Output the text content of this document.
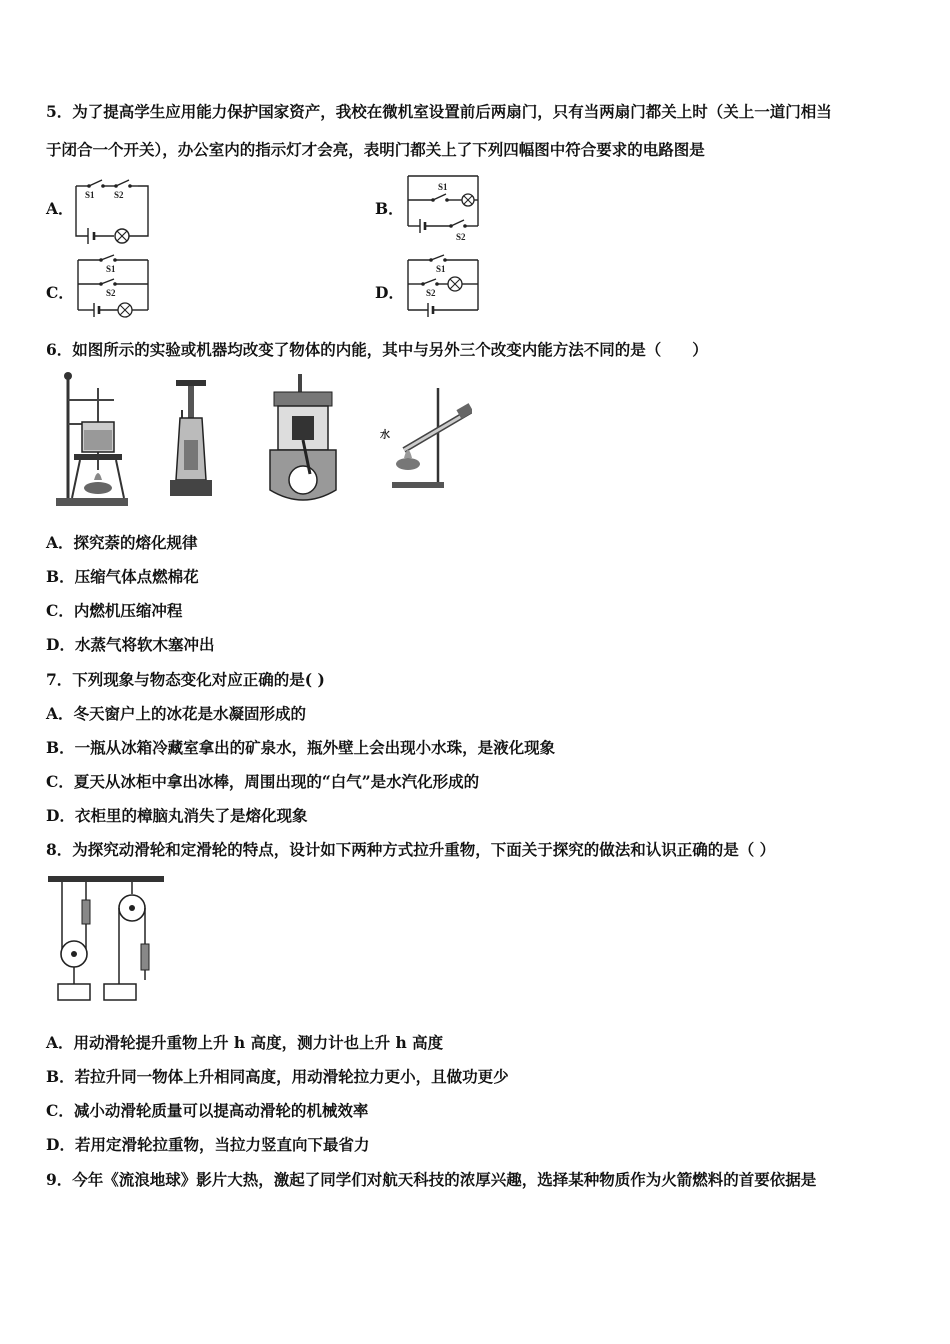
5．为了提高学生应用能力保护国家资产，我校在微机室设置前后两扇门，只有当两扇门都关上时（关上一道门相当
于闭合一个开关），办公室内的指示灯才会亮，表明门都关上了下列四幅图中符合要求的电路图是
A．
S1 S2
B．
S1
S2
C．
S1
S2	D．
S1
S2
6．如图所示的实验或机器均改变了物体的内能，其中与另外三个改变内能方法不同的是（　　）
水
A．探究萘的熔化规律
B．压缩气体点燃棉花
C．内燃机压缩冲程
D．水蒸气将软木塞冲出
7．下列现象与物态变化对应正确的是( )
A．冬天窗户上的冰花是水凝固形成的
B．一瓶从冰箱冷藏室拿出的矿泉水，瓶外壁上会出现小水珠，是液化现象
C．夏天从冰柜中拿出冰棒，周围出现的“白气”是水汽化形成的
D．衣柜里的樟脑丸消失了是熔化现象
8．为探究动滑轮和定滑轮的特点，设计如下两种方式拉升重物，下面关于探究的做法和认识正确的是（ ）
A．用动滑轮提升重物上升 h 高度，测力计也上升 h 高度
B．若拉升同一物体上升相同高度，用动滑轮拉力更小，且做功更少
C．减小动滑轮质量可以提高动滑轮的机械效率
D．若用定滑轮拉重物，当拉力竖直向下最省力
9．今年《流浪地球》影片大热，激起了同学们对航天科技的浓厚兴趣，选择某种物质作为火箭燃料的首要依据是
